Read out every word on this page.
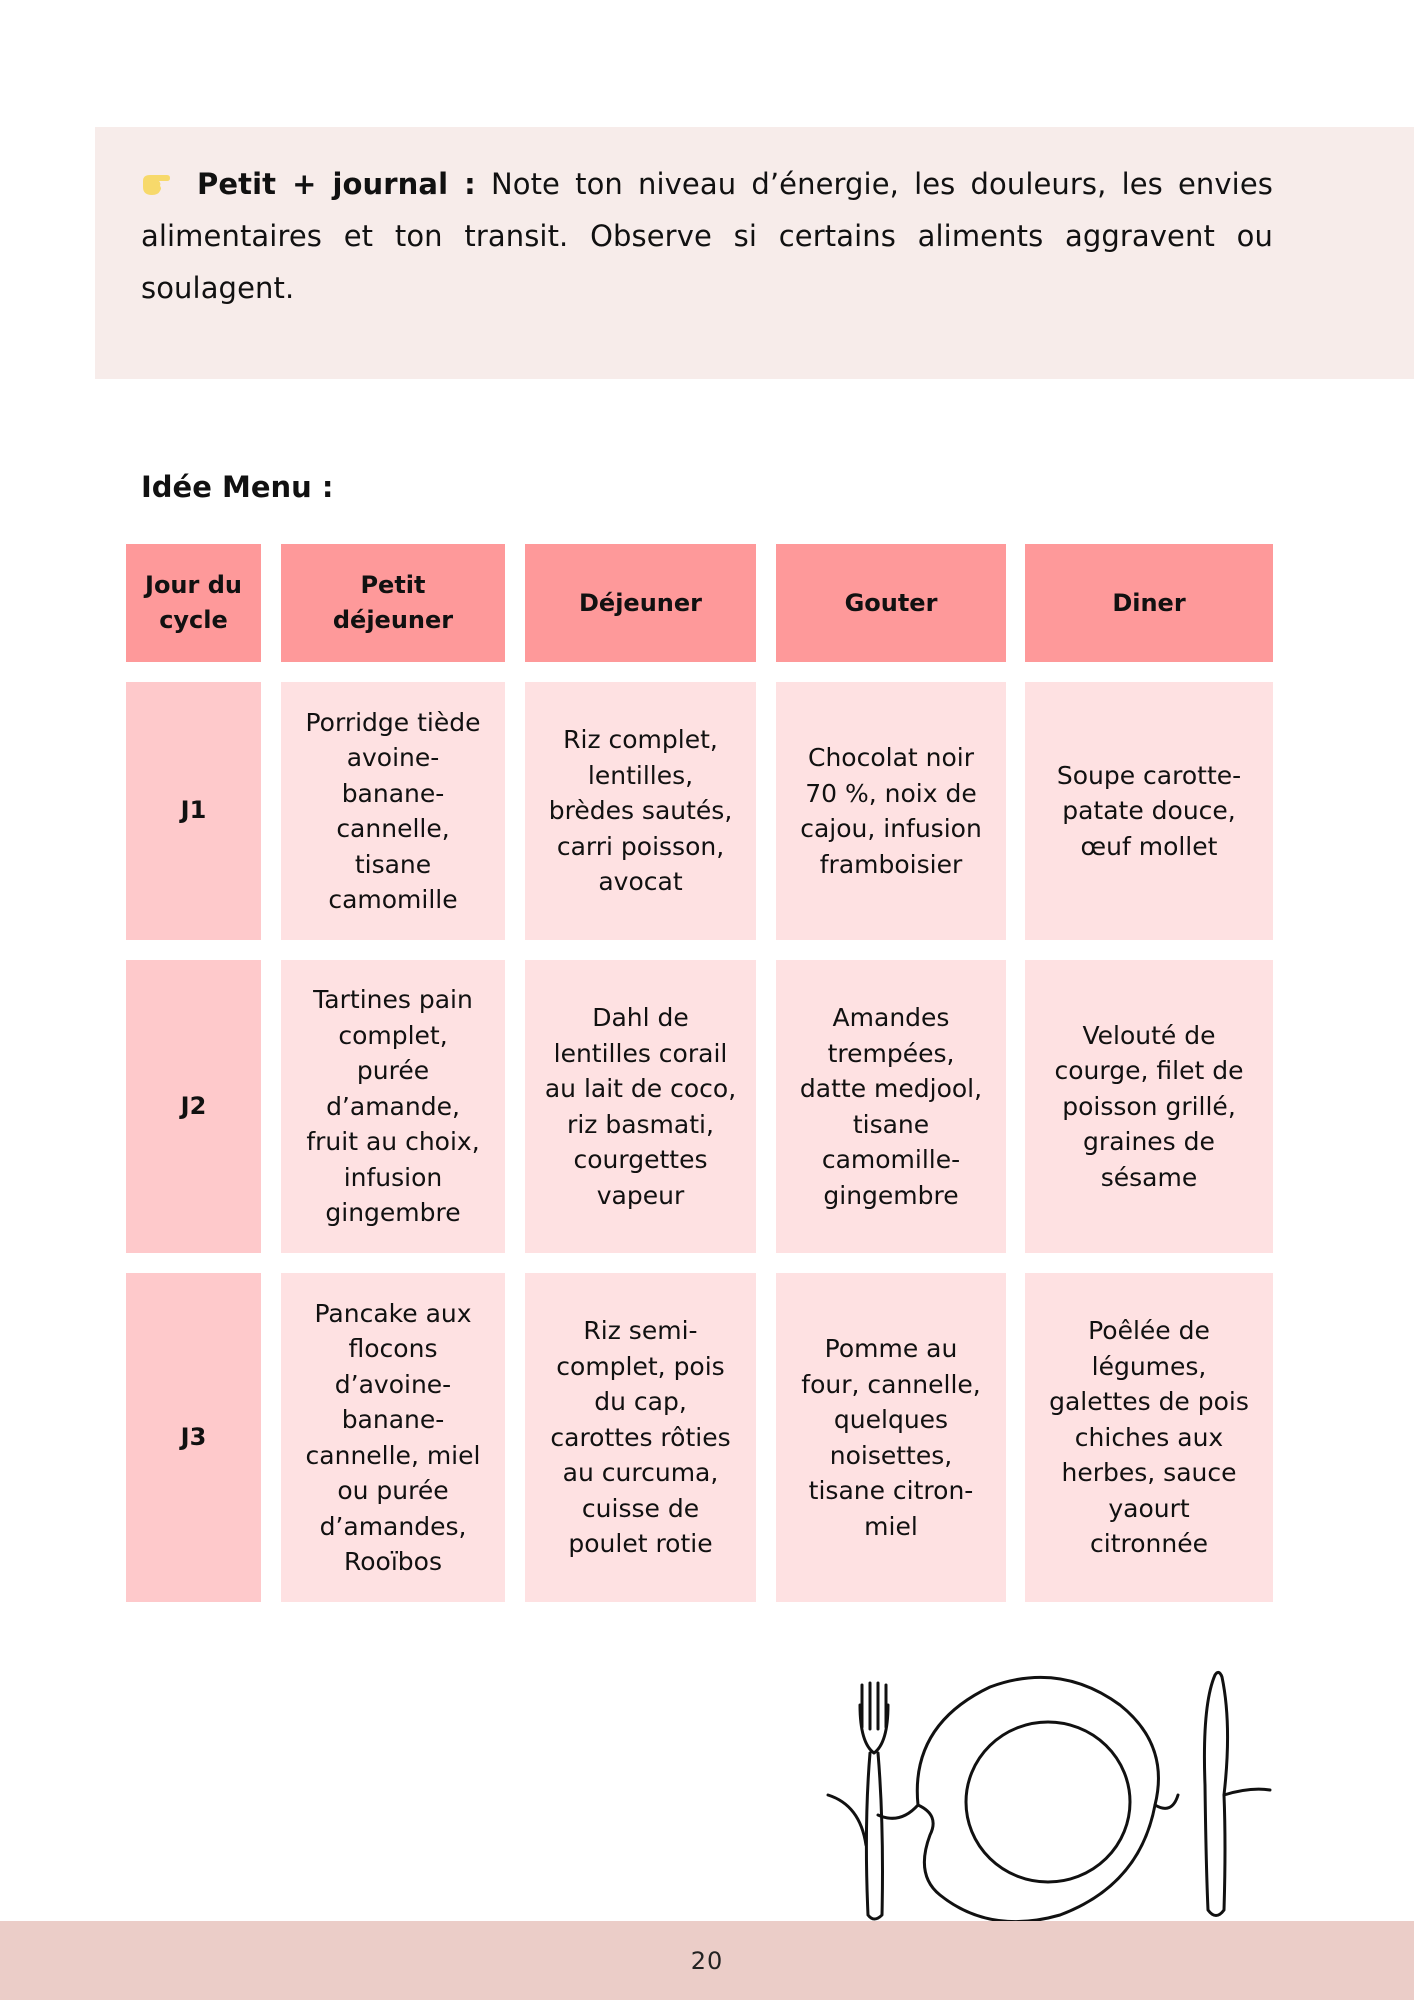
Petit + journal : Note ton niveau d’énergie, les douleurs, les envies alimentaires et ton transit. Observe si certains aliments aggravent ou soulagent.
Idée Menu :
Jour du
cycle
Petit
déjeuner
Déjeuner	Gouter	Diner
J1
Porridge tiède
avoine-
banane-
cannelle,
tisane
camomille
Riz complet,
lentilles,
brèdes sautés,
carri poisson,
avocat
Chocolat noir
70 %, noix de
cajou, infusion
framboisier
Soupe carotte-
patate douce,
œuf mollet
J2
Tartines pain
complet,
purée
d’amande,
fruit au choix,
infusion
gingembre
Dahl de
lentilles corail
au lait de coco,
riz basmati,
courgettes
vapeur
Amandes
trempées,
datte medjool,
tisane
camomille-
gingembre
Velouté de
courge, filet de
poisson grillé,
graines de
sésame
J3
Pancake aux
flocons
d’avoine-
banane-
cannelle, miel
ou purée
d’amandes,
Rooïbos
Riz semi-
complet, pois
du cap,
carottes rôties
au curcuma,
cuisse de
poulet rotie
Pomme au
four, cannelle,
quelques
noisettes,
tisane citron-
miel
Poêlée de
légumes,
galettes de pois
chiches aux
herbes, sauce
yaourt
citronnée
20
